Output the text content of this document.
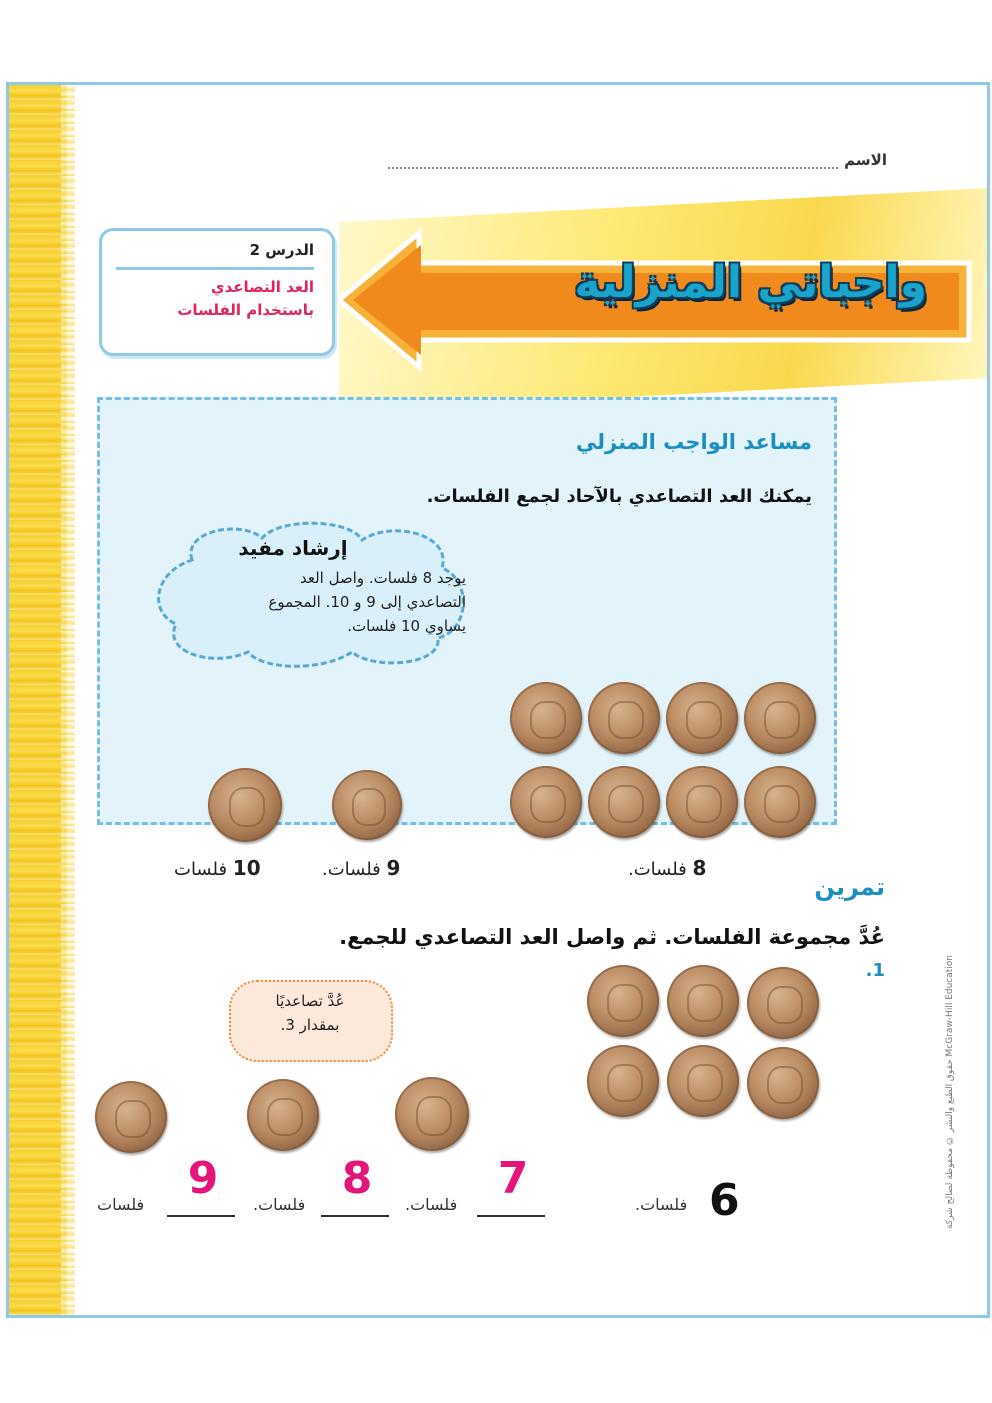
الاسم
واجباتي المنزلية
الدرس 2
العد التصاعدي
باستخدام الفلسات
مساعد الواجب المنزلي
يمكنك العد التصاعدي بالآحاد لجمع الفلسات.
إرشاد مفيد
يوجد 8 فلسات. واصل العد
التصاعدي إلى 9 و 10. المجموع
يساوي 10 فلسات.
8 فلسات.
9 فلسات.
10 فلسات
تمرين
عُدَّ مجموعة الفلسات. ثم واصل العد التصاعدي للجمع.
1.
عُدَّ تصاعديًا
بمقدار 3.
6
فلسات.
7
فلسات.
8
فلسات.
9
فلسات	McGraw-Hill Education حقوق الطبع والنشر © محفوظة لصالح شركة
